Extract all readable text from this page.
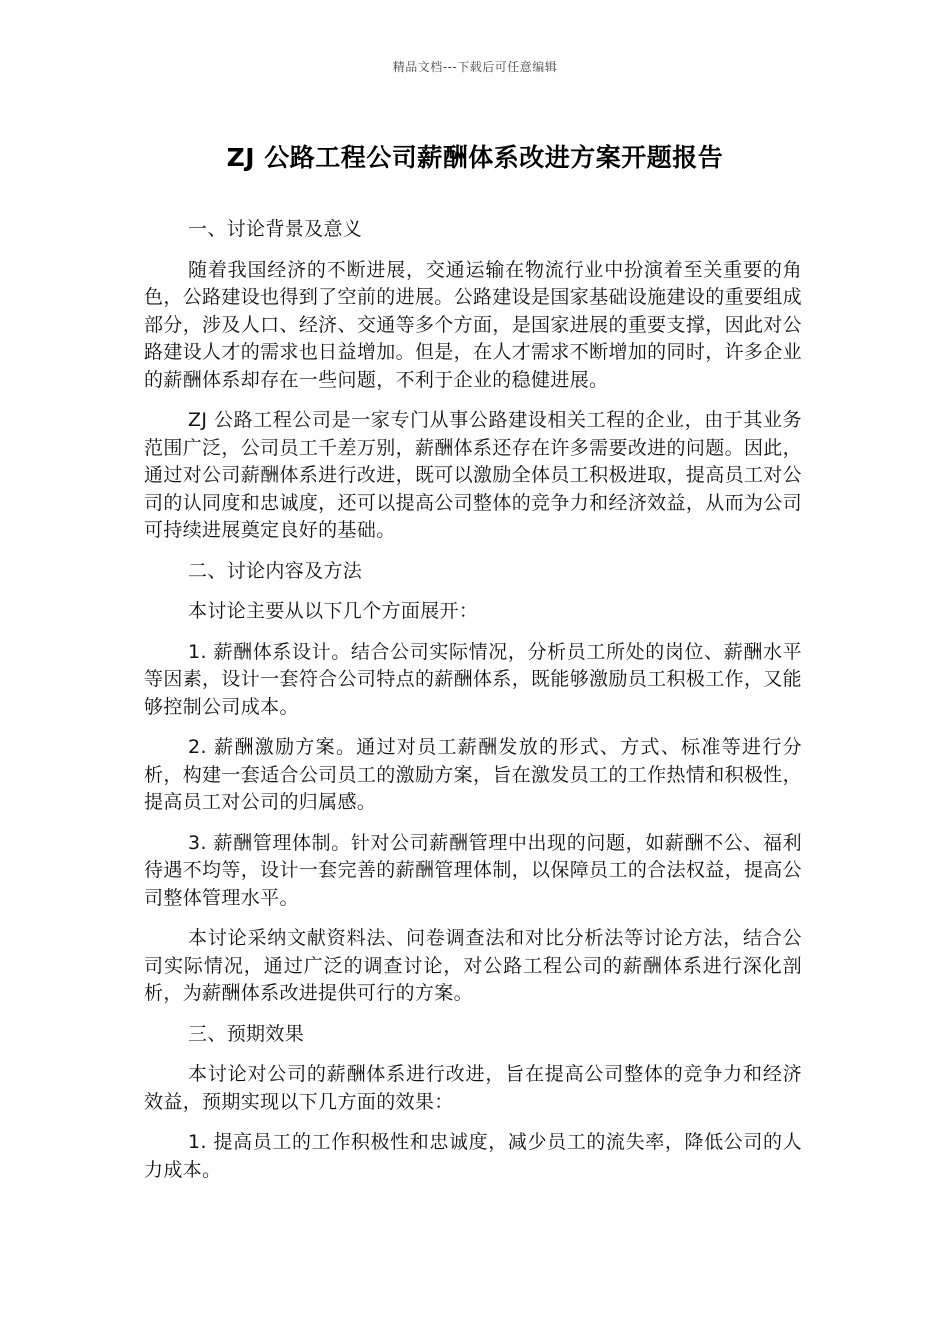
精品文档---下载后可任意编辑
ZJ 公路工程公司薪酬体系改进方案开题报告

一、讨论背景及意义

随着我国经济的不断进展，交通运输在物流行业中扮演着至关重要的角色，公路建设也得到了空前的进展。公路建设是国家基础设施建设的重要组成部分，涉及人口、经济、交通等多个方面，是国家进展的重要支撑，因此对公路建设人才的需求也日益增加。但是，在人才需求不断增加的同时，许多企业的薪酬体系却存在一些问题，不利于企业的稳健进展。

ZJ 公路工程公司是一家专门从事公路建设相关工程的企业，由于其业务范围广泛，公司员工千差万别，薪酬体系还存在许多需要改进的问题。因此，通过对公司薪酬体系进行改进，既可以激励全体员工积极进取，提高员工对公司的认同度和忠诚度，还可以提高公司整体的竞争力和经济效益，从而为公司可持续进展奠定良好的基础。

二、讨论内容及方法

本讨论主要从以下几个方面展开：

1. 薪酬体系设计。结合公司实际情况，分析员工所处的岗位、薪酬水平等因素，设计一套符合公司特点的薪酬体系，既能够激励员工积极工作，又能够控制公司成本。

2. 薪酬激励方案。通过对员工薪酬发放的形式、方式、标准等进行分析，构建一套适合公司员工的激励方案，旨在激发员工的工作热情和积极性，提高员工对公司的归属感。

3. 薪酬管理体制。针对公司薪酬管理中出现的问题，如薪酬不公、福利待遇不均等，设计一套完善的薪酬管理体制，以保障员工的合法权益，提高公司整体管理水平。

本讨论采纳文献资料法、问卷调查法和对比分析法等讨论方法，结合公司实际情况，通过广泛的调查讨论，对公路工程公司的薪酬体系进行深化剖析，为薪酬体系改进提供可行的方案。

三、预期效果

本讨论对公司的薪酬体系进行改进，旨在提高公司整体的竞争力和经济效益，预期实现以下几方面的效果：

1. 提高员工的工作积极性和忠诚度，减少员工的流失率，降低公司的人力成本。
